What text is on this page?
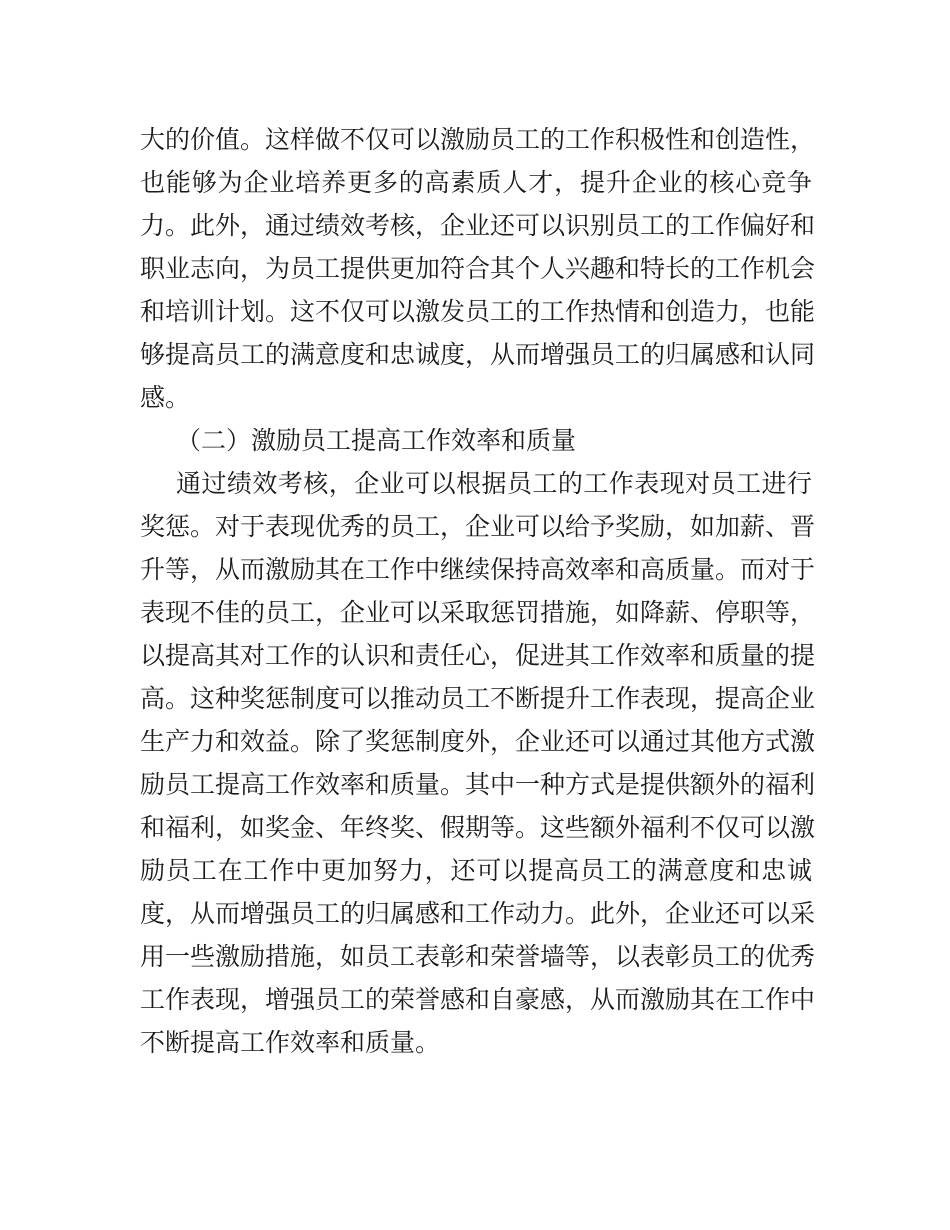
大的价值。这样做不仅可以激励员工的工作积极性和创造性，
也能够为企业培养更多的高素质人才，提升企业的核心竞争
力。此外，通过绩效考核，企业还可以识别员工的工作偏好和
职业志向，为员工提供更加符合其个人兴趣和特长的工作机会
和培训计划。这不仅可以激发员工的工作热情和创造力，也能
够提高员工的满意度和忠诚度，从而增强员工的归属感和认同
感。
（二）激励员工提高工作效率和质量
通过绩效考核，企业可以根据员工的工作表现对员工进行
奖惩。对于表现优秀的员工，企业可以给予奖励，如加薪、晋
升等，从而激励其在工作中继续保持高效率和高质量。而对于
表现不佳的员工，企业可以采取惩罚措施，如降薪、停职等，
以提高其对工作的认识和责任心，促进其工作效率和质量的提
高。这种奖惩制度可以推动员工不断提升工作表现，提高企业
生产力和效益。除了奖惩制度外，企业还可以通过其他方式激
励员工提高工作效率和质量。其中一种方式是提供额外的福利
和福利，如奖金、年终奖、假期等。这些额外福利不仅可以激
励员工在工作中更加努力，还可以提高员工的满意度和忠诚
度，从而增强员工的归属感和工作动力。此外，企业还可以采
用一些激励措施，如员工表彰和荣誉墙等，以表彰员工的优秀
工作表现，增强员工的荣誉感和自豪感，从而激励其在工作中
不断提高工作效率和质量。
